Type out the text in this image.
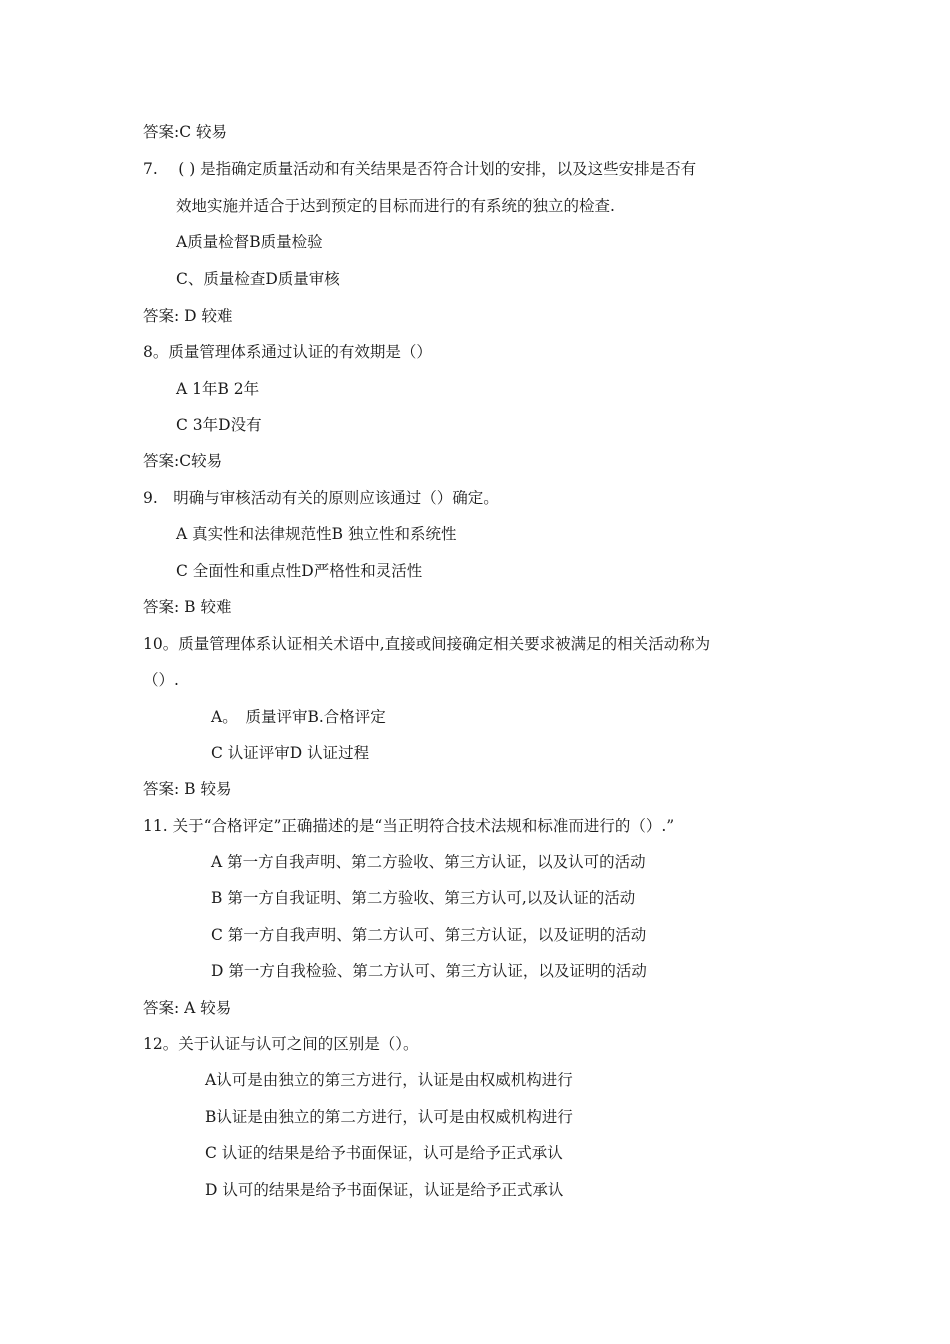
答案:C 较易
7.　 ( ) 是指确定质量活动和有关结果是否符合计划的安排，以及这些安排是否有
效地实施并适合于达到预定的目标而进行的有系统的独立的检查.
A质量检督B质量检验
C、质量检查D质量审核
答案: D 较难
8。质量管理体系通过认证的有效期是（）
A 1年B 2年
C 3年D没有
答案:C较易
9.　明确与审核活动有关的原则应该通过（）确定。
A 真实性和法律规范性B 独立性和系统性
C 全面性和重点性D严格性和灵活性
答案: B 较难
10。质量管理体系认证相关术语中,直接或间接确定相关要求被满足的相关活动称为
（）.
A。　质量评审B.合格评定
C 认证评审D 认证过程
答案: B 较易
11. 关于“合格评定”正确描述的是“当正明符合技术法规和标准而进行的（）.”
A 第一方自我声明、第二方验收、第三方认证，以及认可的活动
B 第一方自我证明、第二方验收、第三方认可,以及认证的活动
C 第一方自我声明、第二方认可、第三方认证，以及证明的活动
D 第一方自我检验、第二方认可、第三方认证，以及证明的活动
答案: A 较易
12。关于认证与认可之间的区别是（）。
A认可是由独立的第三方进行，认证是由权威机构进行
B认证是由独立的第二方进行，认可是由权威机构进行
C 认证的结果是给予书面保证，认可是给予正式承认
D 认可的结果是给予书面保证，认证是给予正式承认
